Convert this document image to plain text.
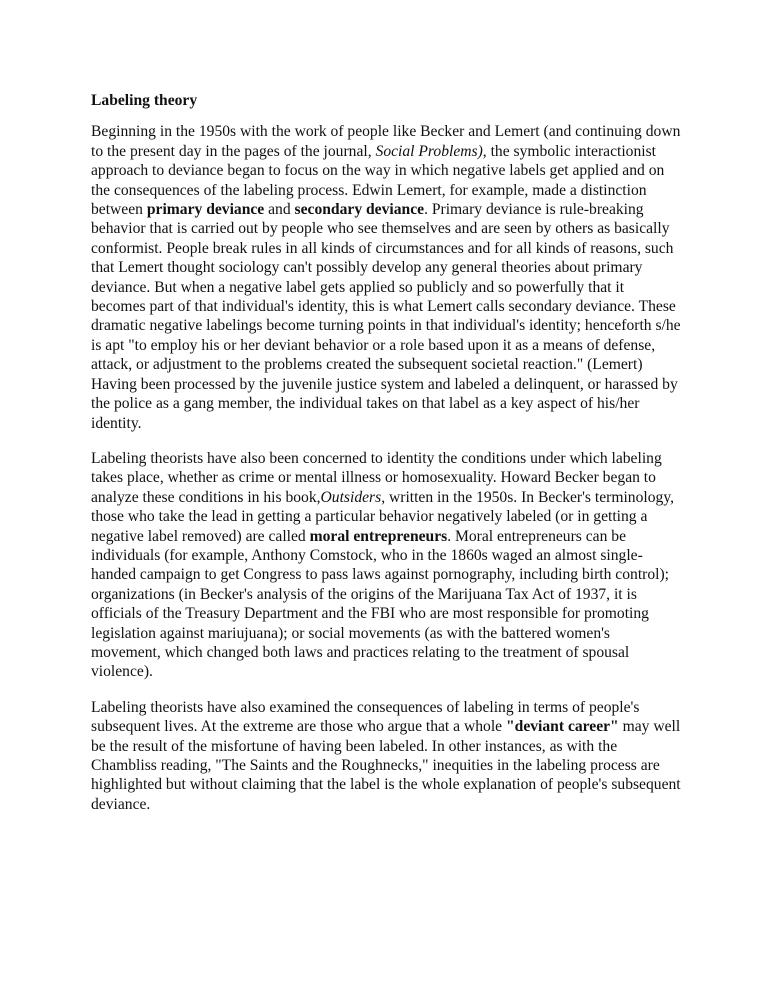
Labeling theory

Beginning in the 1950s with the work of people like Becker and Lemert (and continuing down to the present day in the pages of the journal, Social Problems), the symbolic interactionist approach to deviance began to focus on the way in which negative labels get applied and on the consequences of the labeling process. Edwin Lemert, for example, made a distinction between primary deviance and secondary deviance. Primary deviance is rule-breaking behavior that is carried out by people who see themselves and are seen by others as basically conformist. People break rules in all kinds of circumstances and for all kinds of reasons, such that Lemert thought sociology can't possibly develop any general theories about primary deviance. But when a negative label gets applied so publicly and so powerfully that it becomes part of that individual's identity, this is what Lemert calls secondary deviance. These dramatic negative labelings become turning points in that individual's identity; henceforth s/he is apt "to employ his or her deviant behavior or a role based upon it as a means of defense, attack, or adjustment to the problems created the subsequent societal reaction." (Lemert) Having been processed by the juvenile justice system and labeled a delinquent, or harassed by the police as a gang member, the individual takes on that label as a key aspect of his/her identity.

Labeling theorists have also been concerned to identity the conditions under which labeling takes place, whether as crime or mental illness or homosexuality. Howard Becker began to analyze these conditions in his book,Outsiders, written in the 1950s. In Becker's terminology, those who take the lead in getting a particular behavior negatively labeled (or in getting a negative label removed) are called moral entrepreneurs. Moral entrepreneurs can be individuals (for example, Anthony Comstock, who in the 1860s waged an almost single-handed campaign to get Congress to pass laws against pornography, including birth control); organizations (in Becker's analysis of the origins of the Marijuana Tax Act of 1937, it is officials of the Treasury Department and the FBI who are most responsible for promoting legislation against mariujuana); or social movements (as with the battered women's movement, which changed both laws and practices relating to the treatment of spousal violence).

Labeling theorists have also examined the consequences of labeling in terms of people's subsequent lives. At the extreme are those who argue that a whole "deviant career" may well be the result of the misfortune of having been labeled. In other instances, as with the Chambliss reading, "The Saints and the Roughnecks," inequities in the labeling process are highlighted but without claiming that the label is the whole explanation of people's subsequent deviance.
